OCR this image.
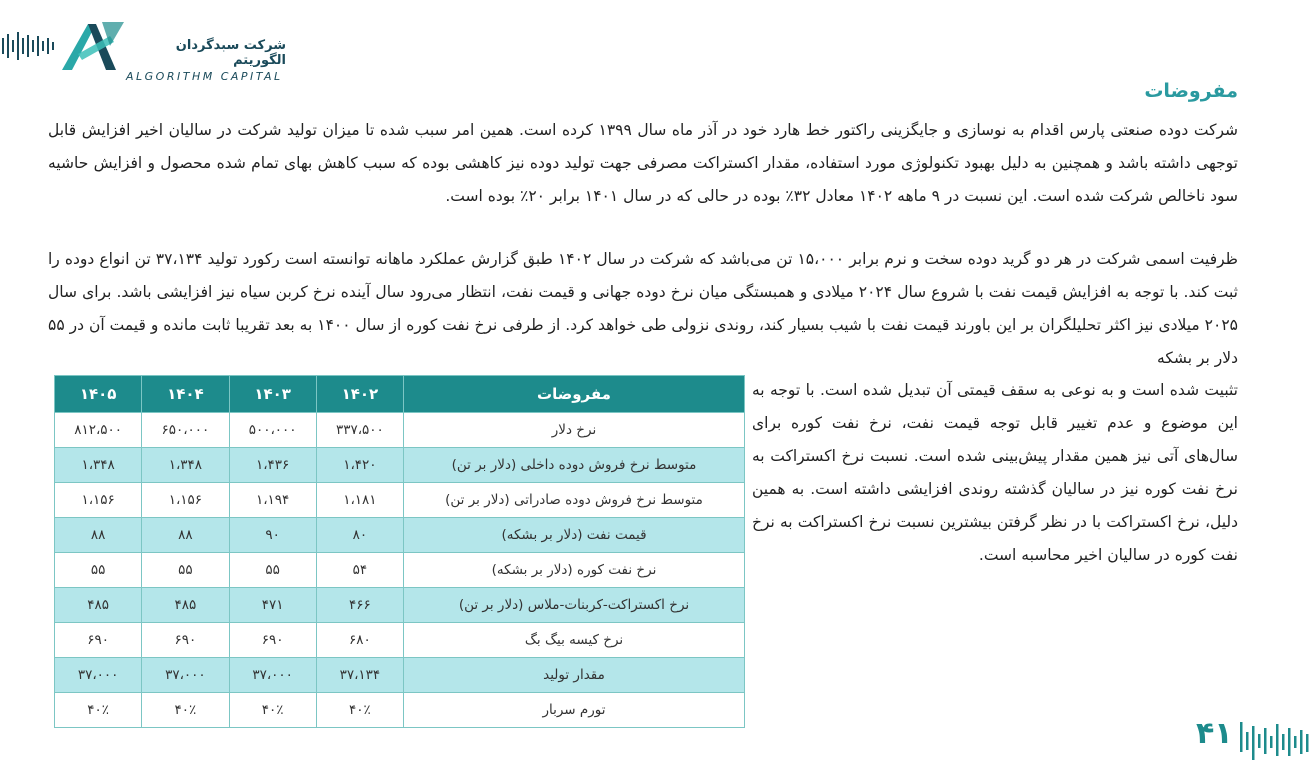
شرکت سبدگردان الگوریتم
ALGORITHM CAPITAL
مفروضات
شرکت دوده صنعتی پارس اقدام به نوسازی و جایگزینی راکتور خط هارد خود در آذر ماه سال ۱۳۹۹ کرده است. همین امر سبب شده تا میزان تولید شرکت در سالیان اخیر افزایش قابل توجهی داشته باشد و همچنین به دلیل بهبود تکنولوژی مورد استفاده، مقدار اکستراکت مصرفی جهت تولید دوده نیز کاهشی بوده که سبب کاهش بهای تمام شده محصول و افزایش حاشیه سود ناخالص شرکت شده است. این نسبت در ۹ ماهه ۱۴۰۲ معادل ۳۲٪ بوده در حالی که در سال ۱۴۰۱ برابر ۲۰٪ بوده است.
ظرفیت اسمی شرکت در هر دو گرید دوده سخت و نرم برابر ۱۵،۰۰۰ تن می‌باشد که شرکت در سال ۱۴۰۲ طبق گزارش عملکرد ماهانه توانسته است رکورد تولید ۳۷،۱۳۴ تن انواع دوده را ثبت کند. با توجه به افزایش قیمت نفت با شروع سال ۲۰۲۴ میلادی و همبستگی میان نرخ دوده جهانی و قیمت نفت، انتظار می‌رود سال آینده نرخ کربن سیاه نیز افزایشی باشد. برای سال ۲۰۲۵ میلادی نیز اکثر تحلیلگران بر این باورند قیمت نفت با شیب بسیار کند، روندی نزولی طی خواهد کرد. از طرفی نرخ نفت کوره از سال ۱۴۰۰ به بعد تقریبا ثابت مانده و قیمت آن در ۵۵ دلار بر بشکه
تثبیت شده است و به نوعی به سقف قیمتی آن تبدیل شده است. با توجه به این موضوع و عدم تغییر قابل توجه قیمت نفت، نرخ نفت کوره برای سال‌های آتی نیز همین مقدار پیش‌بینی شده است. نسبت نرخ اکستراکت به نرخ نفت کوره نیز در سالیان گذشته روندی افزایشی داشته است. به همین دلیل، نرخ اکستراکت با در نظر گرفتن بیشترین نسبت نرخ اکستراکت به نرخ نفت کوره در سالیان اخیر محاسبه است.
مفروضات	۱۴۰۲	۱۴۰۳	۱۴۰۴	۱۴۰۵
نرخ دلار	۳۳۷،۵۰۰	۵۰۰،۰۰۰	۶۵۰،۰۰۰	۸۱۲،۵۰۰
متوسط نرخ فروش دوده داخلی (دلار بر تن)	۱،۴۲۰	۱،۴۳۶	۱،۳۴۸	۱،۳۴۸
متوسط نرخ فروش دوده صادراتی (دلار بر تن)	۱،۱۸۱	۱،۱۹۴	۱،۱۵۶	۱،۱۵۶
قیمت نفت (دلار بر بشکه)	۸۰	۹۰	۸۸	۸۸
نرخ نفت کوره (دلار بر بشکه)	۵۴	۵۵	۵۵	۵۵
نرخ اکستراکت-کربنات-ملاس (دلار بر تن)	۴۶۶	۴۷۱	۴۸۵	۴۸۵
نرخ کیسه بیگ بگ	۶۸۰	۶۹۰	۶۹۰	۶۹۰
مقدار تولید	۳۷،۱۳۴	۳۷،۰۰۰	۳۷،۰۰۰	۳۷،۰۰۰
تورم سربار	۴۰٪	۴۰٪	۴۰٪	۴۰٪
۴۱
